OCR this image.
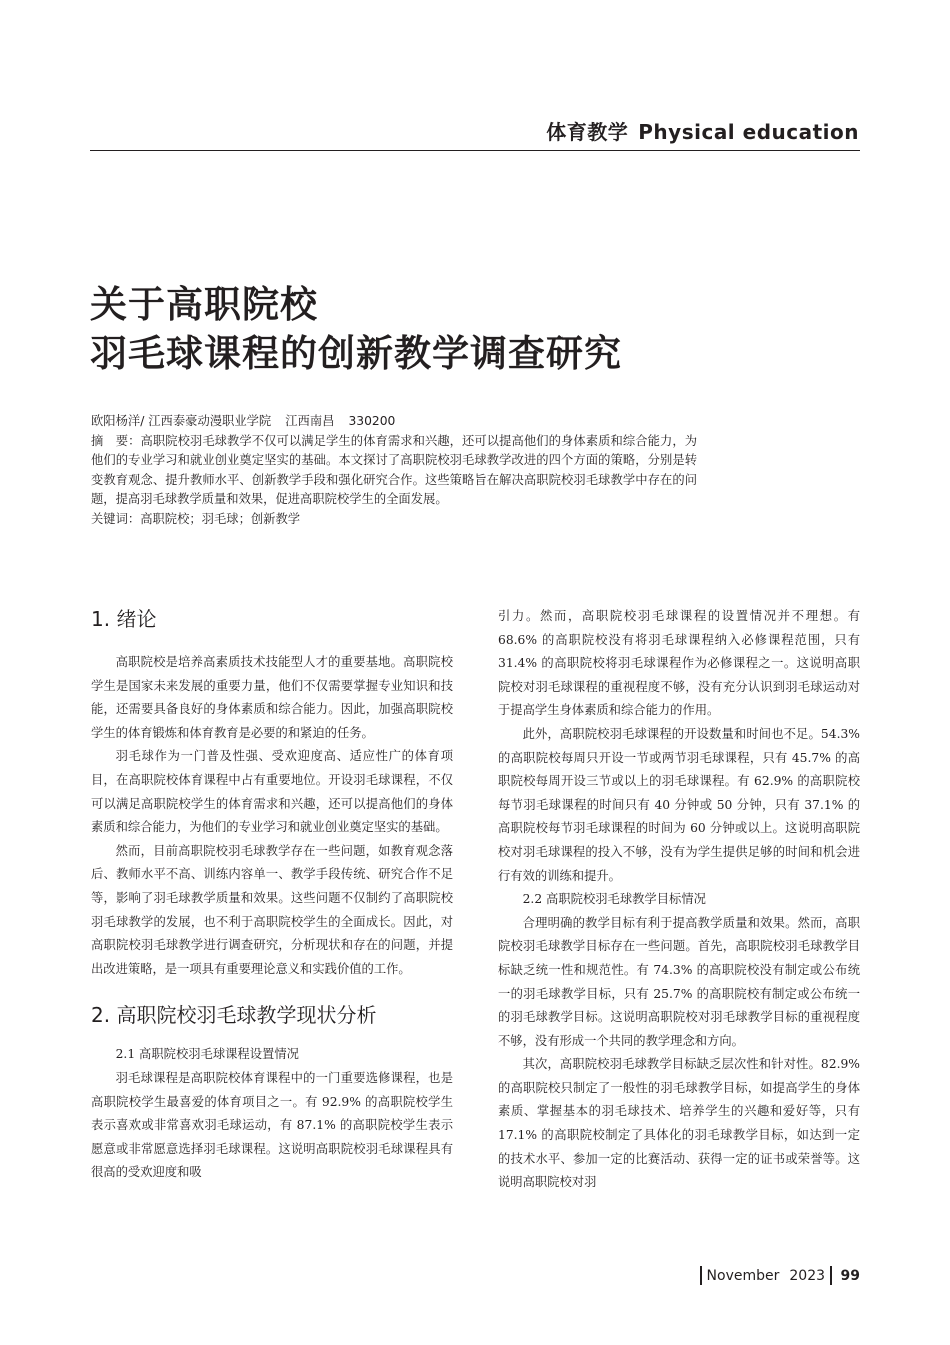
体育教学 Physical education
关于高职院校
羽毛球课程的创新教学调查研究

欧阳杨洋/ 江西泰豪动漫职业学院 江西南昌 330200

摘　要：高职院校羽毛球教学不仅可以满足学生的体育需求和兴趣，还可以提高他们的身体素质和综合能力，为他们的专业学习和就业创业奠定坚实的基础。本文探讨了高职院校羽毛球教学改进的四个方面的策略，分别是转变教育观念、提升教师水平、创新教学手段和强化研究合作。这些策略旨在解决高职院校羽毛球教学中存在的问题，提高羽毛球教学质量和效果，促进高职院校学生的全面发展。

关键词：高职院校；羽毛球；创新教学

1. 绪论

高职院校是培养高素质技术技能型人才的重要基地。高职院校学生是国家未来发展的重要力量，他们不仅需要掌握专业知识和技能，还需要具备良好的身体素质和综合能力。因此，加强高职院校学生的体育锻炼和体育教育是必要的和紧迫的任务。

羽毛球作为一门普及性强、受欢迎度高、适应性广的体育项目，在高职院校体育课程中占有重要地位。开设羽毛球课程，不仅可以满足高职院校学生的体育需求和兴趣，还可以提高他们的身体素质和综合能力，为他们的专业学习和就业创业奠定坚实的基础。

然而，目前高职院校羽毛球教学存在一些问题，如教育观念落后、教师水平不高、训练内容单一、教学手段传统、研究合作不足等，影响了羽毛球教学质量和效果。这些问题不仅制约了高职院校羽毛球教学的发展，也不利于高职院校学生的全面成长。因此，对高职院校羽毛球教学进行调查研究，分析现状和存在的问题，并提出改进策略，是一项具有重要理论意义和实践价值的工作。

2. 高职院校羽毛球教学现状分析

2.1 高职院校羽毛球课程设置情况

羽毛球课程是高职院校体育课程中的一门重要选修课程，也是高职院校学生最喜爱的体育项目之一。有 92.9% 的高职院校学生表示喜欢或非常喜欢羽毛球运动，有 87.1% 的高职院校学生表示愿意或非常愿意选择羽毛球课程。这说明高职院校羽毛球课程具有很高的受欢迎度和吸

引力。然而，高职院校羽毛球课程的设置情况并不理想。有 68.6% 的高职院校没有将羽毛球课程纳入必修课程范围，只有 31.4% 的高职院校将羽毛球课程作为必修课程之一。这说明高职院校对羽毛球课程的重视程度不够，没有充分认识到羽毛球运动对于提高学生身体素质和综合能力的作用。

此外，高职院校羽毛球课程的开设数量和时间也不足。54.3% 的高职院校每周只开设一节或两节羽毛球课程，只有 45.7% 的高职院校每周开设三节或以上的羽毛球课程。有 62.9% 的高职院校每节羽毛球课程的时间只有 40 分钟或 50 分钟，只有 37.1% 的高职院校每节羽毛球课程的时间为 60 分钟或以上。这说明高职院校对羽毛球课程的投入不够，没有为学生提供足够的时间和机会进行有效的训练和提升。

2.2 高职院校羽毛球教学目标情况

合理明确的教学目标有利于提高教学质量和效果。然而，高职院校羽毛球教学目标存在一些问题。首先，高职院校羽毛球教学目标缺乏统一性和规范性。有 74.3% 的高职院校没有制定或公布统一的羽毛球教学目标，只有 25.7% 的高职院校有制定或公布统一的羽毛球教学目标。这说明高职院校对羽毛球教学目标的重视程度不够，没有形成一个共同的教学理念和方向。

其次，高职院校羽毛球教学目标缺乏层次性和针对性。82.9% 的高职院校只制定了一般性的羽毛球教学目标，如提高学生的身体素质、掌握基本的羽毛球技术、培养学生的兴趣和爱好等，只有 17.1% 的高职院校制定了具体化的羽毛球教学目标，如达到一定的技术水平、参加一定的比赛活动、获得一定的证书或荣誉等。这说明高职院校对羽

November 2023 99
